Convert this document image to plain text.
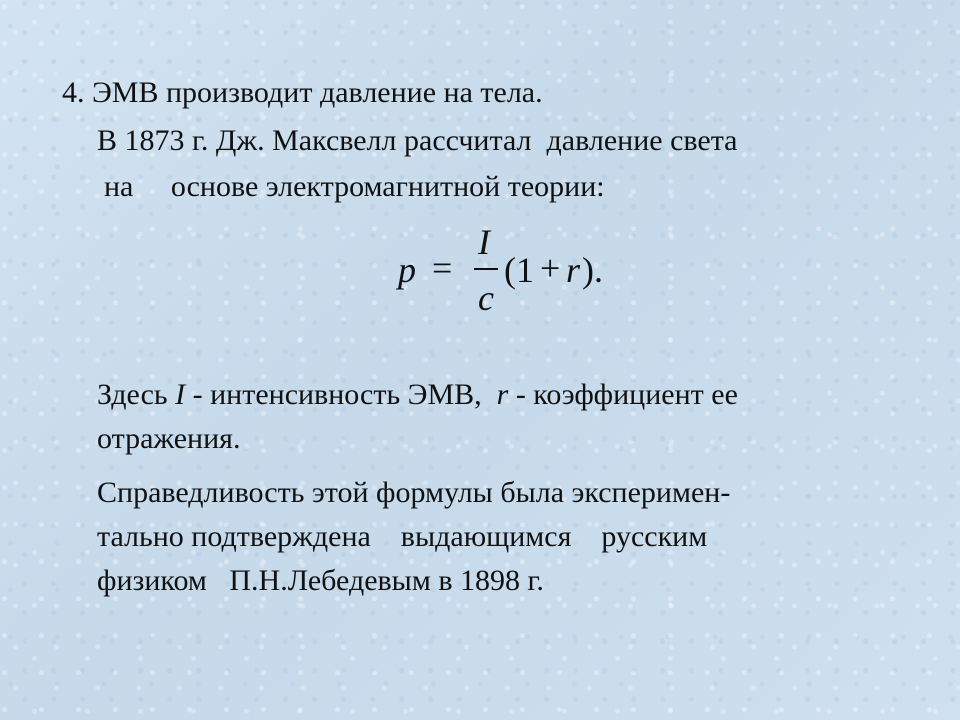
4. ЭМВ производит давление на тела.
В 1873 г. Дж. Максвелл рассчитал  давление света
на     основе электромагнитной теории:
p =
I
c
(1 + r ).
Здесь I - интенсивность ЭМВ,  r - коэффициент ее
отражения.
Справедливость этой формулы была эксперимен-
тально подтверждена    выдающимся    русским
физиком   П.Н.Лебедевым в 1898 г.
